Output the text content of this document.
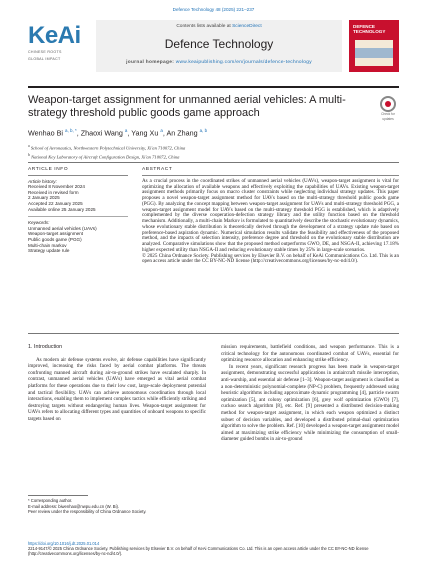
Defence Technology 48 (2025) 221–237
KeAi
CHINESE ROOTS
GLOBAL IMPACT
Contents lists available at ScienceDirect
Defence Technology
journal homepage: www.keaipublishing.com/en/journals/defence-technology
DEFENCE TECHNOLOGY
Weapon-target assignment for unmanned aerial vehicles: A multi-strategy threshold public goods game approach	Check for
updates
Wenhao Bi $^{a, b, *}$, Zhaoxi Wang $^a$, Yang Xu $^a$, An Zhang $^{a, b}$
$^a$ School of Aeronautics, Northwestern Polytechnical University, Xi'an 710072, China
$^b$ National Key Laboratory of Aircraft Configuration Design, Xi'an 710072, China
ARTICLE INFO
Article history:
Received 8 November 2024
Received in revised form
2 January 2025
Accepted 22 January 2025
Available online 25 January 2025
Keywords:
Unmanned aerial vehicles (UAVs)
Weapon-target assignment
Public goods game (PGG)
Multi-chain markov
Strategy update rule
ABSTRACT

As a crucial process in the coordinated strikes of unmanned aerial vehicles (UAVs), weapon-target assignment is vital for optimizing the allocation of available weapons and effectively exploiting the capabilities of UAVs. Existing weapon-target assignment methods primarily focus on macro cluster constraints while neglecting individual strategy updates. This paper proposes a novel weapon-target assignment method for UAVs based on the multi-strategy threshold public goods game (PGG). By analyzing the concept mapping between weapon-target assignment for UAVs and multi-strategy threshold PGG, a weapon-target assignment model for UAVs based on the multi-strategy threshold PGG is established, which is adaptively complemented by the diverse cooperation-defection strategy library and the utility function based on the threshold mechanism. Additionally, a multi-chain Markov is formulated to quantitatively describe the stochastic evolutionary dynamics, whose evolutionary stable distribution is theoretically derived through the development of a strategy update rule based on preference-based aspiration dynamic. Numerical simulation results validate the feasibility and effectiveness of the proposed method, and the impacts of selection intensity, preference degree and threshold on the evolutionary stable distribution are analyzed. Comparative simulations show that the proposed method outperforms GWO, DE, and NSGA-II, achieving 17.18% higher expected utility than NSGA-II and reducing evolutionary stable times by 25% in large-scale scenarios.

© 2025 China Ordnance Society. Publishing services by Elsevier B.V. on behalf of KeAi Communications Co. Ltd. This is an open access article under the CC BY-NC-ND license (http://creativecommons.org/licenses/by-nc-nd/4.0/).

1. Introduction

As modern air defense systems evolve, air defense capabilities have significantly improved, increasing the risks faced by aerial combat platforms. The threats confronting manned aircraft during air-to-ground strikes have escalated sharply. In contrast, unmanned aerial vehicles (UAVs) have emerged as vital aerial combat platforms for these operations due to their low cost, large-scale deployment potential and tactical flexibility. UAVs can achieve autonomous coordination through local interactions, enabling them to implement complex tactics while efficiently striking and destroying targets without endangering human lives. Weapon-target assignment for UAVs refers to allocating different types and quantities of onboard weapons to specific targets based on

mission requirements, battlefield conditions, and weapon performance. This is a critical technology for the autonomous coordinated combat of UAVs, essential for optimizing resource allocation and enhancing strike efficiency.

In recent years, significant research progress has been made in weapon-target assignment, demonstrating successful applications in antiaircraft missile interception, anti-warship, and essential air defense [1–3]. Weapon-target assignment is classified as a non-deterministic polynomial-complete (NP-C) problem, frequently addressed using heuristic algorithms including approximate dynamic programming [4], particle swarm optimization [5], ant colony optimization [6], grey wolf optimization (GWO) [7], cuckoo search algorithm [8], etc. Ref. [9] presented a distributed decision-making method for weapon-target assignment, in which each weapon optimized a distinct subset of decision variables, and developed a distributed primal-dual optimization algorithm to solve the problem. Ref. [10] developed a weapon-target assignment model aimed at maximizing strike efficiency while minimizing the consumption of small-diameter guided bombs in air-to-ground

* Corresponding author.
E-mail address: biwenhao@nwpu.edu.cn (W. Bi).
Peer review under the responsibility of China Ordnance Society.
https://doi.org/10.1016/j.dt.2025.01.014
2214-9147/© 2025 China Ordnance Society. Publishing services by Elsevier B.V. on behalf of KeAi Communications Co. Ltd. This is an open access article under the CC BY-NC-ND license (http://creativecommons.org/licenses/by-nc-nd/4.0/).
